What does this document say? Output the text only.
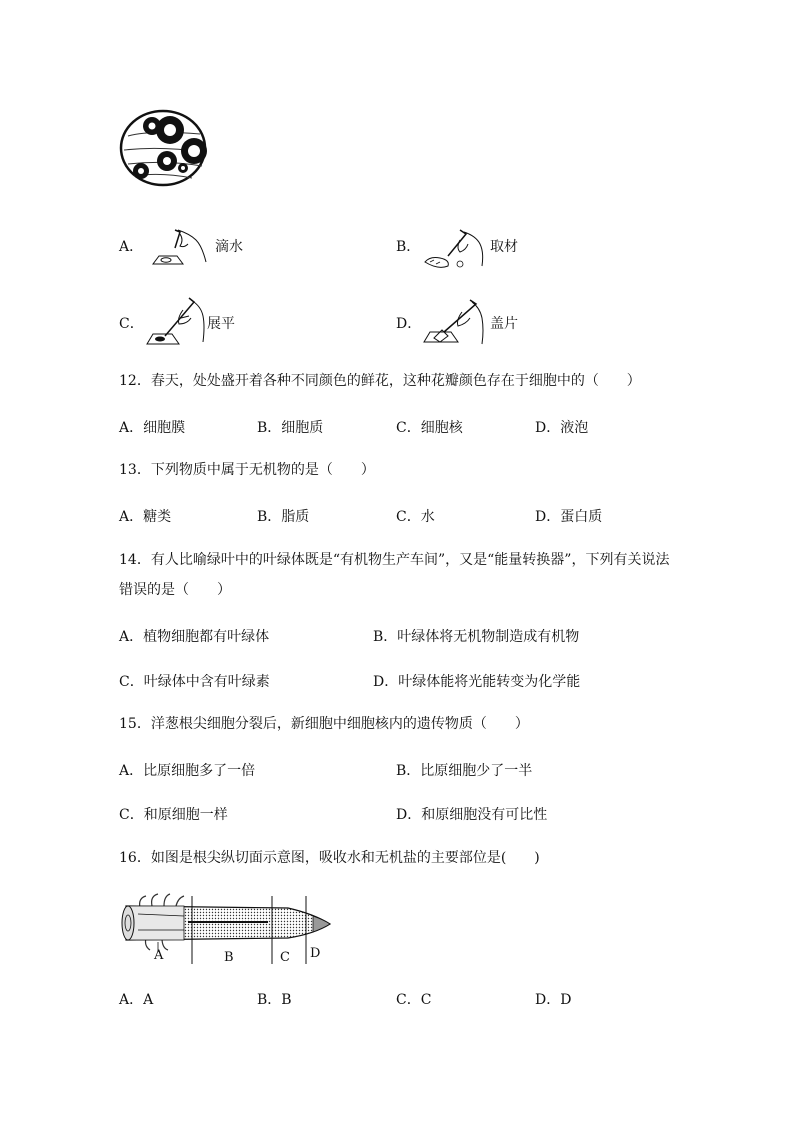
A．	滴水	B．	取材
C．	展平	D．	盖片
12．春天，处处盛开着各种不同颜色的鲜花，这种花瓣颜色存在于细胞中的（　　）
A．细胞膜	B．细胞质	C．细胞核	D．液泡
13．下列物质中属于无机物的是（　　）
A．糖类	B．脂质	C．水	D．蛋白质
14．有人比喻绿叶中的叶绿体既是“有机物生产车间”，又是“能量转换器”，下列有关说法
错误的是（　　）
A．植物细胞都有叶绿体	B．叶绿体将无机物制造成有机物
C．叶绿体中含有叶绿素	D．叶绿体能将光能转变为化学能
15．洋葱根尖细胞分裂后，新细胞中细胞核内的遗传物质（　　）
A．比原细胞多了一倍	B．比原细胞少了一半
C．和原细胞一样	D．和原细胞没有可比性
16．如图是根尖纵切面示意图，吸收水和无机盐的主要部位是(　　)
A	B	C D
A．A	B．B	C．C	D．D
